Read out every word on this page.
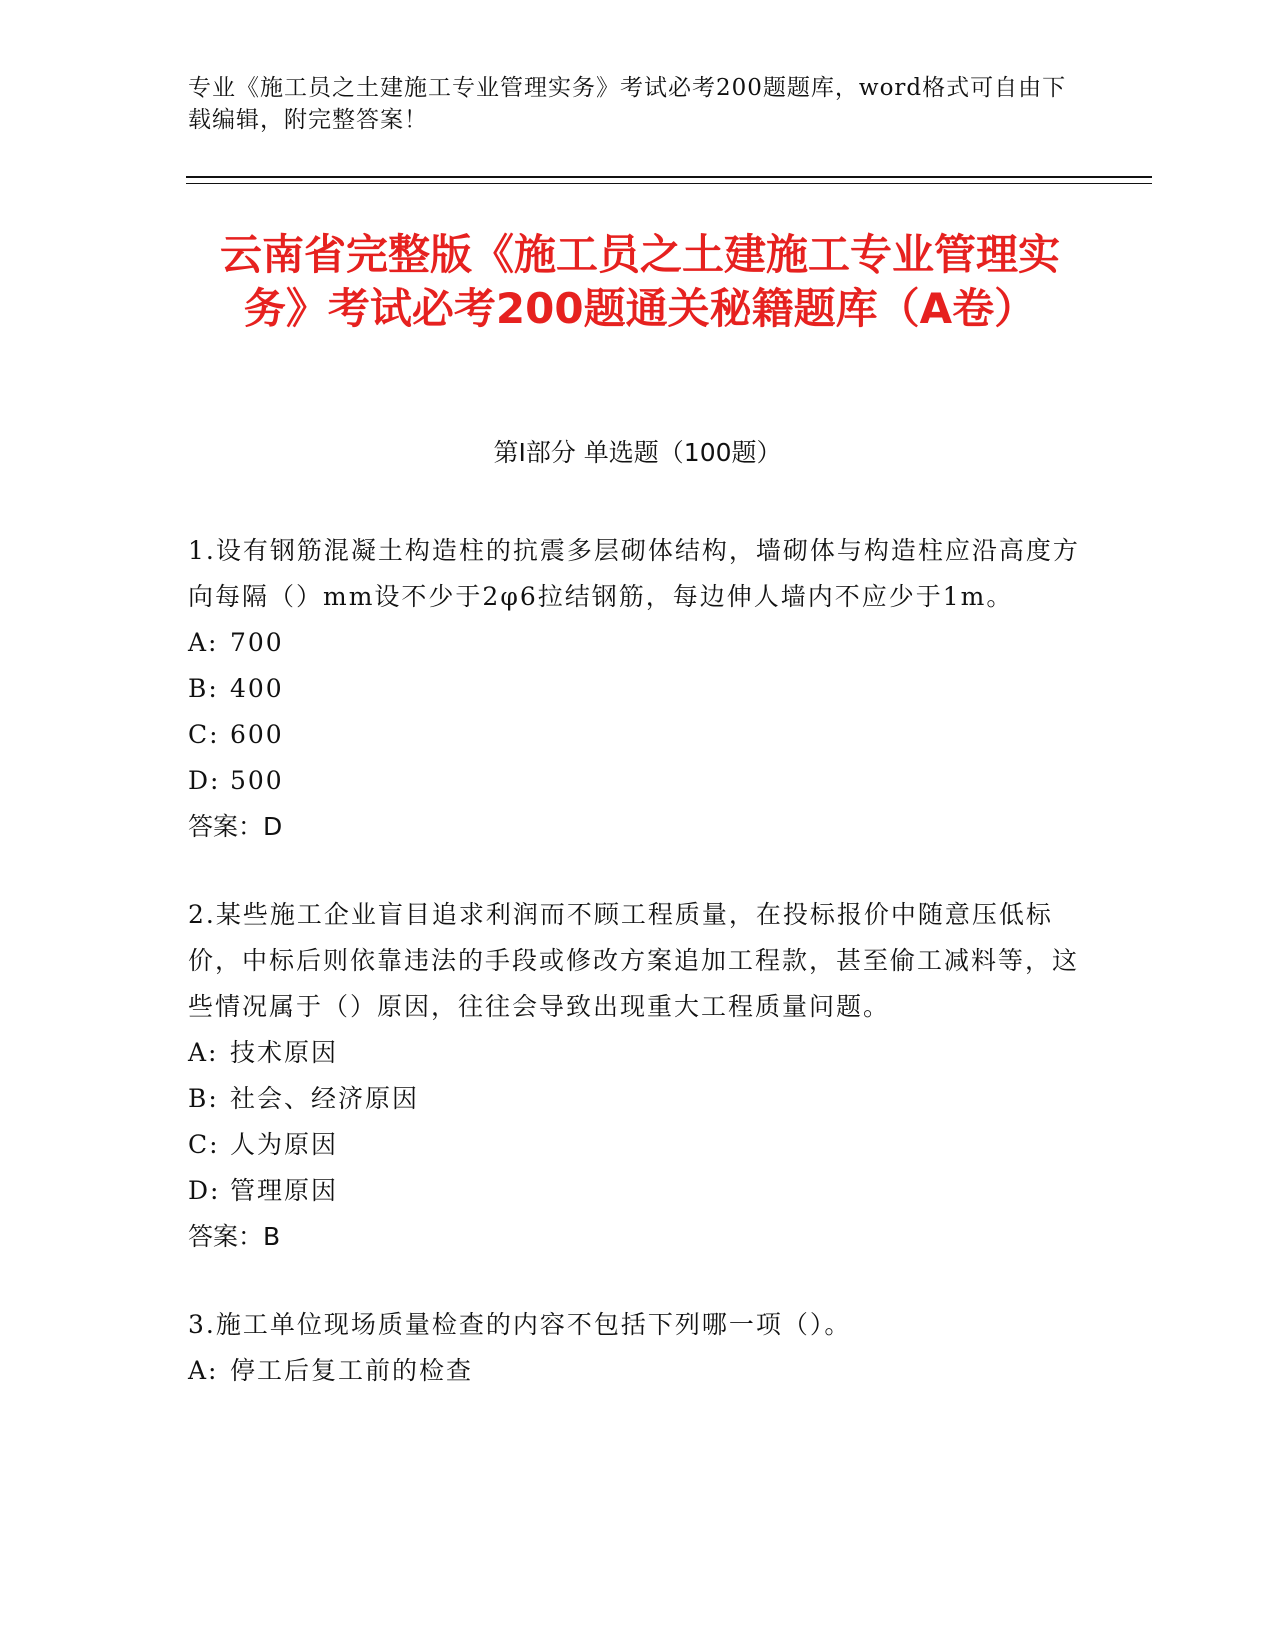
专业《施工员之土建施工专业管理实务》考试必考200题题库，word格式可自由下载编辑，附完整答案！
云南省完整版《施工员之土建施工专业管理实务》考试必考200题通关秘籍题库（A卷）
第Ⅰ部分 单选题（100题）

1.设有钢筋混凝土构造柱的抗震多层砌体结构，墙砌体与构造柱应沿高度方向每隔（）mm设不少于2φ6拉结钢筋，每边伸人墙内不应少于1m。

A: 700

B: 400

C: 600

D: 500

答案：D

2.某些施工企业盲目追求利润而不顾工程质量，在投标报价中随意压低标价，中标后则依靠违法的手段或修改方案追加工程款，甚至偷工减料等，这些情况属于（）原因，往往会导致出现重大工程质量问题。

A: 技术原因

B: 社会、经济原因

C: 人为原因

D: 管理原因

答案：B

3.施工单位现场质量检查的内容不包括下列哪一项（）。

A: 停工后复工前的检查
